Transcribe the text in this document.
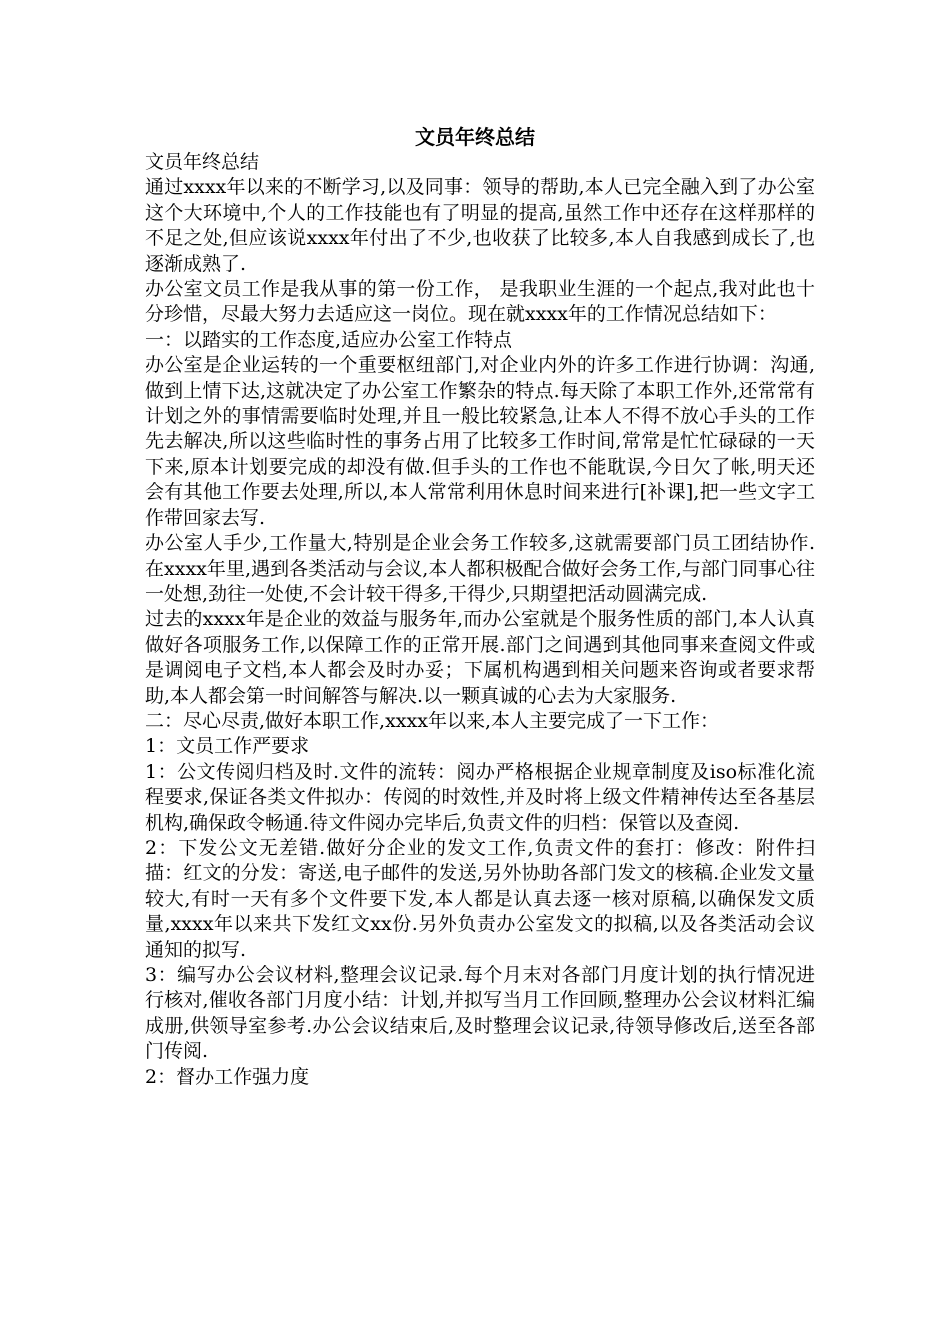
文员年终总结

文员年终总结

通过xxxx年以来的不断学习,以及同事：领导的帮助,本人已完全融入到了办公室这个大环境中,个人的工作技能也有了明显的提高,虽然工作中还存在这样那样的不足之处,但应该说xxxx年付出了不少,也收获了比较多,本人自我感到成长了,也逐渐成熟了.

办公室文员工作是我从事的第一份工作， 是我职业生涯的一个起点,我对此也十分珍惜，尽最大努力去适应这一岗位。现在就xxxx年的工作情况总结如下：

一：以踏实的工作态度,适应办公室工作特点

办公室是企业运转的一个重要枢纽部门,对企业内外的许多工作进行协调：沟通,做到上情下达,这就决定了办公室工作繁杂的特点.每天除了本职工作外,还常常有计划之外的事情需要临时处理,并且一般比较紧急,让本人不得不放心手头的工作先去解决,所以这些临时性的事务占用了比较多工作时间,常常是忙忙碌碌的一天下来,原本计划要完成的却没有做.但手头的工作也不能耽误,今日欠了帐,明天还会有其他工作要去处理,所以,本人常常利用休息时间来进行[补课],把一些文字工作带回家去写.

办公室人手少,工作量大,特别是企业会务工作较多,这就需要部门员工团结协作.在xxxx年里,遇到各类活动与会议,本人都积极配合做好会务工作,与部门同事心往一处想,劲往一处使,不会计较干得多,干得少,只期望把活动圆满完成.

过去的xxxx年是企业的效益与服务年,而办公室就是个服务性质的部门,本人认真做好各项服务工作,以保障工作的正常开展.部门之间遇到其他同事来查阅文件或是调阅电子文档,本人都会及时办妥；下属机构遇到相关问题来咨询或者要求帮助,本人都会第一时间解答与解决.以一颗真诚的心去为大家服务.

二：尽心尽责,做好本职工作,xxxx年以来,本人主要完成了一下工作：

1：文员工作严要求

1：公文传阅归档及时.文件的流转：阅办严格根据企业规章制度及iso标准化流程要求,保证各类文件拟办：传阅的时效性,并及时将上级文件精神传达至各基层机构,确保政令畅通.待文件阅办完毕后,负责文件的归档：保管以及查阅.

2：下发公文无差错.做好分企业的发文工作,负责文件的套打：修改：附件扫描：红文的分发：寄送,电子邮件的发送,另外协助各部门发文的核稿.企业发文量较大,有时一天有多个文件要下发,本人都是认真去逐一核对原稿,以确保发文质量,xxxx年以来共下发红文xx份.另外负责办公室发文的拟稿,以及各类活动会议通知的拟写.

3：编写办公会议材料,整理会议记录.每个月末对各部门月度计划的执行情况进行核对,催收各部门月度小结：计划,并拟写当月工作回顾,整理办公会议材料汇编成册,供领导室参考.办公会议结束后,及时整理会议记录,待领导修改后,送至各部门传阅.

2：督办工作强力度
